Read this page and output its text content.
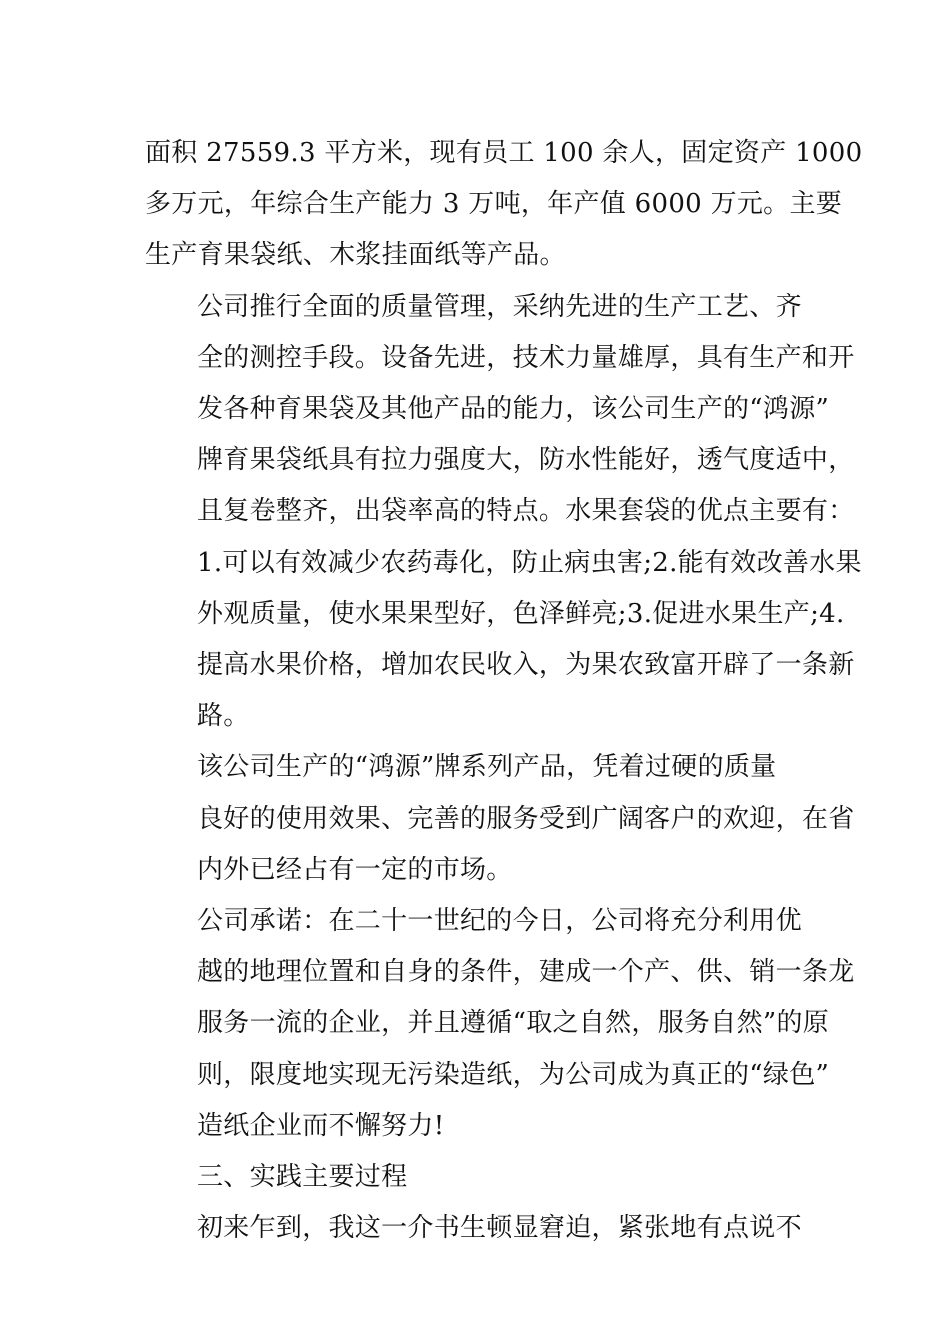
面积 27559.3 平方米，现有员工 100 余人，固定资产 1000
多万元，年综合生产能力 3 万吨，年产值 6000 万元。主要
生产育果袋纸、木浆挂面纸等产品。

公司推行全面的质量管理，采纳先进的生产工艺、齐
全的测控手段。设备先进，技术力量雄厚，具有生产和开
发各种育果袋及其他产品的能力，该公司生产的“鸿源”
牌育果袋纸具有拉力强度大，防水性能好，透气度适中，
且复卷整齐，出袋率高的特点。水果套袋的优点主要有：
1.可以有效减少农药毒化，防止病虫害;2.能有效改善水果
外观质量，使水果果型好，色泽鲜亮;3.促进水果生产;4.
提高水果价格，增加农民收入，为果农致富开辟了一条新
路。

该公司生产的“鸿源”牌系列产品，凭着过硬的质量
良好的使用效果、完善的服务受到广阔客户的欢迎，在省
内外已经占有一定的市场。

公司承诺：在二十一世纪的今日，公司将充分利用优
越的地理位置和自身的条件，建成一个产、供、销一条龙
服务一流的企业，并且遵循“取之自然，服务自然”的原
则，限度地实现无污染造纸，为公司成为真正的“绿色”
造纸企业而不懈努力!

三、实践主要过程

初来乍到，我这一介书生顿显窘迫，紧张地有点说不
